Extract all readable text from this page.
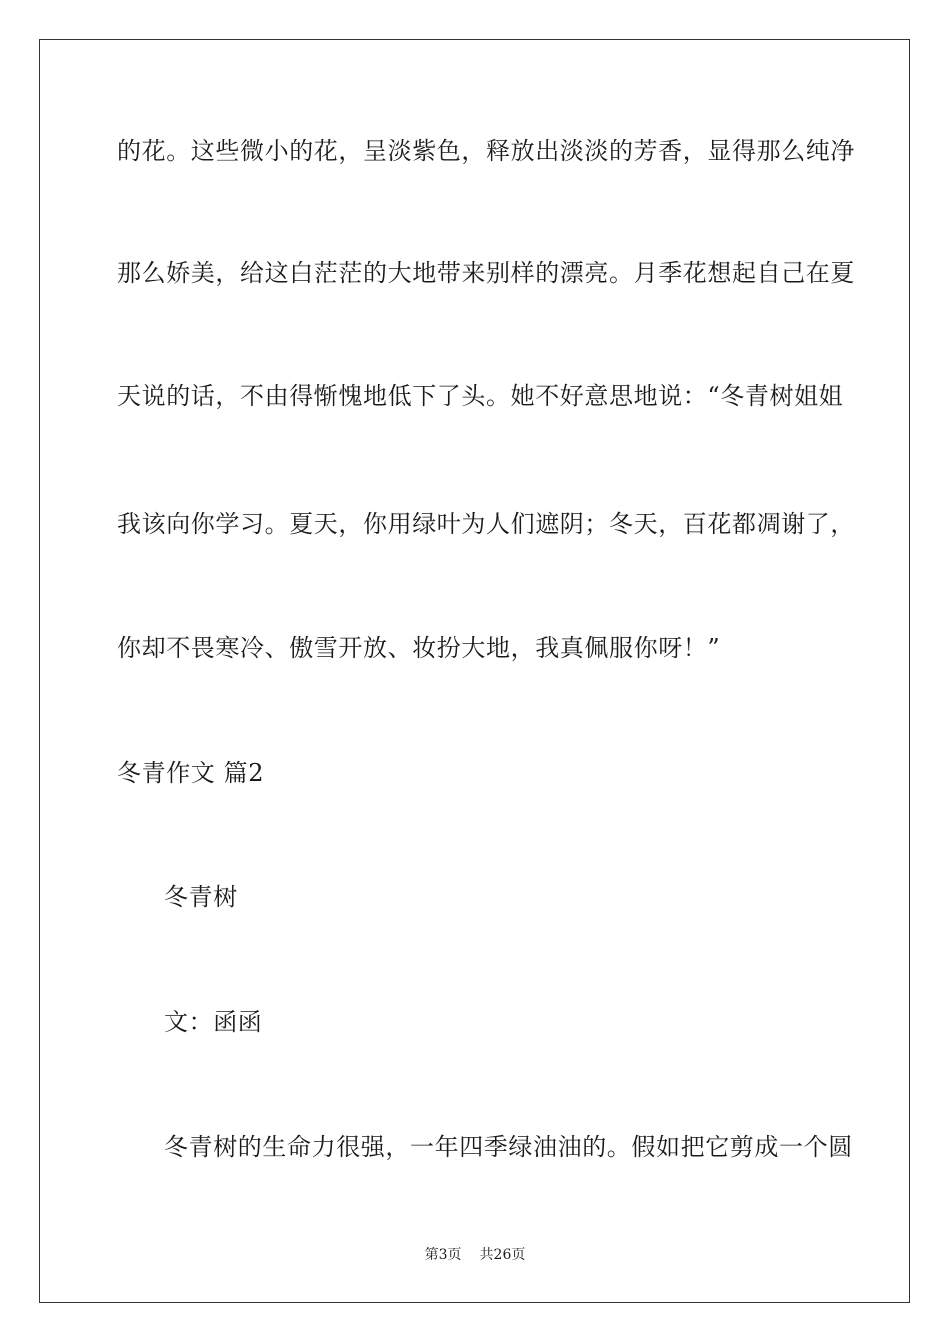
的花。这些微小的花，呈淡紫色，释放出淡淡的芳香，显得那么纯净
那么娇美，给这白茫茫的大地带来别样的漂亮。月季花想起自己在夏
天说的话，不由得惭愧地低下了头。她不好意思地说：“冬青树姐姐
我该向你学习。夏天，你用绿叶为人们遮阴；冬天，百花都凋谢了，
你却不畏寒冷、傲雪开放、妆扮大地，我真佩服你呀！”
冬青作文 篇2
冬青树
文：函函
冬青树的生命力很强，一年四季绿油油的。假如把它剪成一个圆
第3页 共26页
